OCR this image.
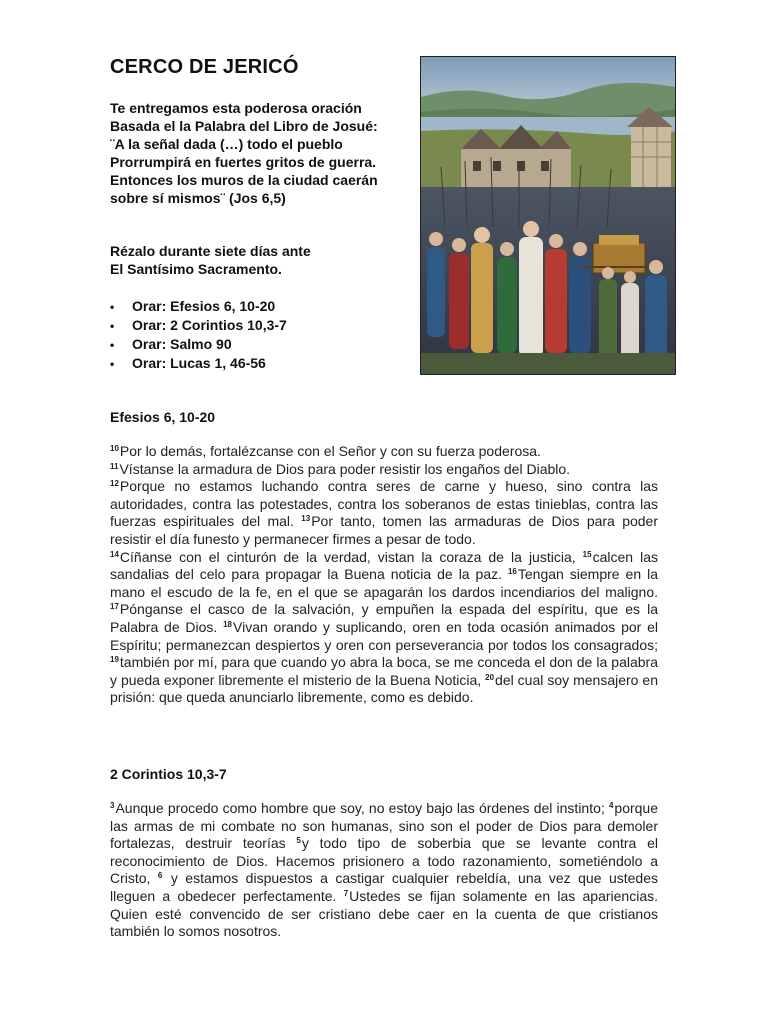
CERCO DE JERICÓ
Te entregamos esta poderosa oración
Basada el la Palabra del Libro de Josué:
¨A la señal dada (…) todo el pueblo
Prorrumpirá en fuertes gritos de guerra.
Entonces los muros de la ciudad caerán
sobre sí mismos¨ (Jos 6,5)
Rézalo durante siete días ante
El Santísimo Sacramento.
• Orar: Efesios 6, 10-20
• Orar: 2 Corintios 10,3-7
• Orar: Salmo 90
• Orar: Lucas 1, 46-56
Efesios 6, 10-20
$^{10}$Por lo demás, fortalézcanse con el Señor y con su fuerza poderosa.
$^{11}$Vístanse la armadura de Dios para poder resistir los engaños del Diablo.
$^{12}$Porque no estamos luchando contra seres de carne y hueso, sino contra las autoridades, contra las potestades, contra los soberanos de estas tinieblas, contra las fuerzas espirituales del mal. $^{13}$Por tanto, tomen las armaduras de Dios para poder resistir el día funesto y permanecer firmes a pesar de todo.
$^{14}$Cíñanse con el cinturón de la verdad, vistan la coraza de la justicia, $^{15}$calcen las sandalias del celo para propagar la Buena noticia de la paz. $^{16}$Tengan siempre en la mano el escudo de la fe, en el que se apagarán los dardos incendiarios del maligno. $^{17}$Pónganse el casco de la salvación, y empuñen la espada del espíritu, que es la Palabra de Dios. $^{18}$Vivan orando y suplicando, oren en toda ocasión animados por el Espíritu; permanezcan despiertos y oren con perseverancia por todos los consagrados; $^{19}$también por mí, para que cuando yo abra la boca, se me conceda el don de la palabra y pueda exponer libremente el misterio de la Buena Noticia, $^{20}$del cual soy mensajero en prisión: que queda anunciarlo libremente, como es debido.
2 Corintios 10,3-7
$^3$Aunque procedo como hombre que soy, no estoy bajo las órdenes del instinto; $^4$porque las armas de mi combate no son humanas, sino son el poder de Dios para demoler fortalezas, destruir teorías $^5$y todo tipo de soberbia que se levante contra el reconocimiento de Dios. Hacemos prisionero a todo razonamiento, sometiéndolo a Cristo, $^6$ y estamos dispuestos a castigar cualquier rebeldía, una vez que ustedes lleguen a obedecer perfectamente. $^7$Ustedes se fijan solamente en las apariencias. Quien esté convencido de ser cristiano debe caer en la cuenta de que cristianos también lo somos nosotros.
